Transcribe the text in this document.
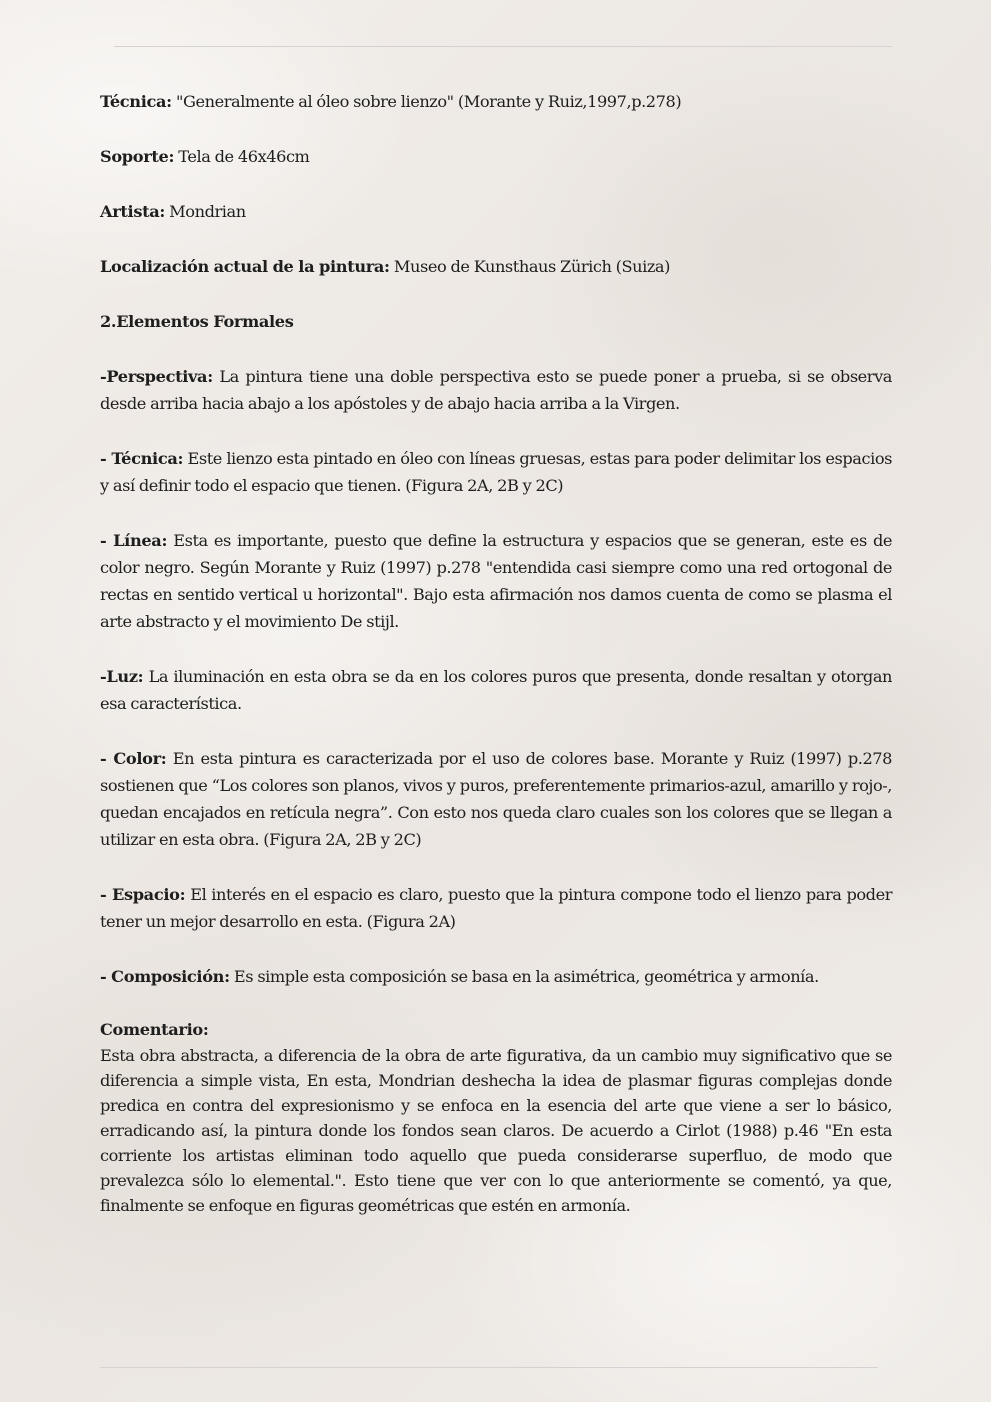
Técnica: "Generalmente al óleo sobre lienzo" (Morante y Ruiz,1997,p.278)

Soporte: Tela de 46x46cm

Artista: Mondrian

Localización actual de la pintura: Museo de Kunsthaus Zürich (Suiza)

2.Elementos Formales

-Perspectiva: La pintura tiene una doble perspectiva esto se puede poner a prueba, si se observa desde arriba hacia abajo a los apóstoles y de abajo hacia arriba a la Virgen.

- Técnica: Este lienzo esta pintado en óleo con líneas gruesas, estas para poder delimitar los espacios y así definir todo el espacio que tienen. (Figura 2A, 2B y 2C)

- Línea: Esta es importante, puesto que define la estructura y espacios que se generan, este es de color negro. Según Morante y Ruiz (1997) p.278 "entendida casi siempre como una red ortogonal de rectas en sentido vertical u horizontal". Bajo esta afirmación nos damos cuenta de como se plasma el arte abstracto y el movimiento De stijl.

-Luz: La iluminación en esta obra se da en los colores puros que presenta, donde resaltan y otorgan esa característica.

- Color: En esta pintura es caracterizada por el uso de colores base. Morante y Ruiz (1997) p.278 sostienen que “Los colores son planos, vivos y puros, preferentemente primarios-azul, amarillo y rojo-, quedan encajados en retícula negra”. Con esto nos queda claro cuales son los colores que se llegan a utilizar en esta obra. (Figura 2A, 2B y 2C)

- Espacio: El interés en el espacio es claro, puesto que la pintura compone todo el lienzo para poder tener un mejor desarrollo en esta. (Figura 2A)

- Composición: Es simple esta composición se basa en la asimétrica, geométrica y armonía.

Comentario:

Esta obra abstracta, a diferencia de la obra de arte figurativa, da un cambio muy significativo que se diferencia a simple vista, En esta, Mondrian deshecha la idea de plasmar figuras complejas donde predica en contra del expresionismo y se enfoca en la esencia del arte que viene a ser lo básico, erradicando así, la pintura donde los fondos sean claros. De acuerdo a Cirlot (1988) p.46 "En esta corriente los artistas eliminan todo aquello que pueda considerarse superfluo, de modo que prevalezca sólo lo elemental.". Esto tiene que ver con lo que anteriormente se comentó, ya que, finalmente se enfoque en figuras geométricas que estén en armonía.
